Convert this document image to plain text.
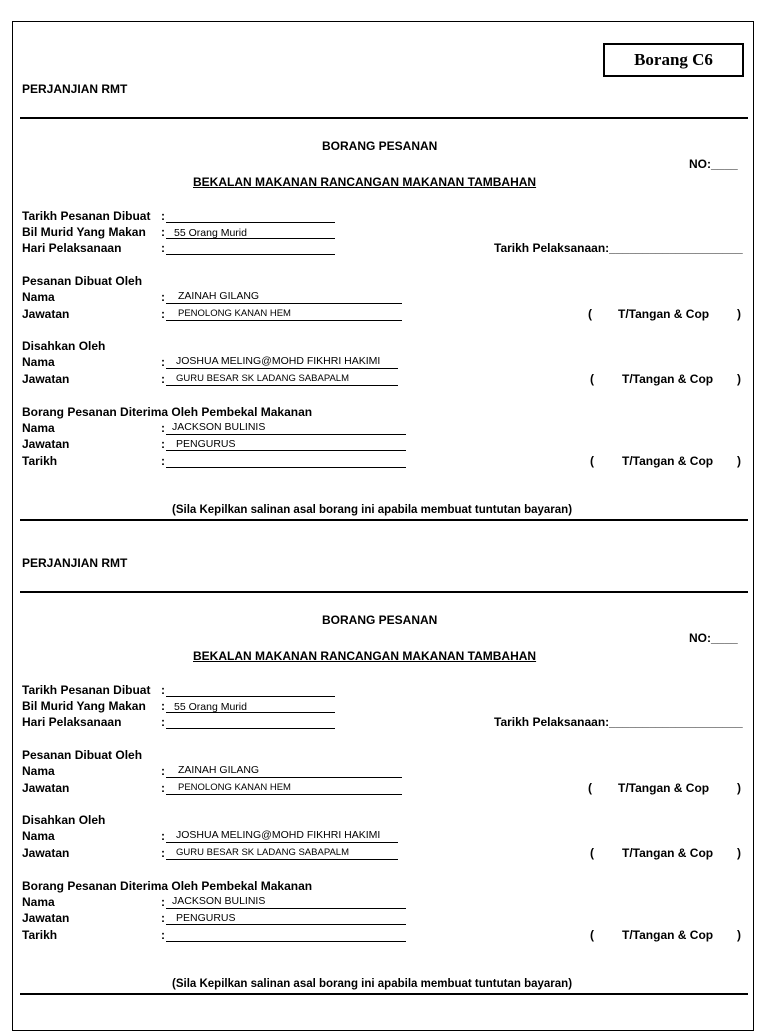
Borang C6
PERJANJIAN RMT
BORANG PESANAN
NO:____
BEKALAN MAKANAN RANCANGAN MAKANAN TAMBAHAN
Tarikh Pesanan Dibuat :
Bil Murid Yang Makan : 55 Orang Murid
Hari Pelaksanaan	:	Tarikh Pelaksanaan:____________________
Pesanan Dibuat Oleh
Nama	: ZAINAH GILANG
Jawatan	: PENOLONG KANAN HEM	( T/Tangan & Cop )
Disahkan Oleh
Nama	: JOSHUA MELING@MOHD FIKHRI HAKIMI
Jawatan	: GURU BESAR SK LADANG SABAPALM	( T/Tangan & Cop )
Borang Pesanan Diterima Oleh Pembekal Makanan
Nama	: JACKSON BULINIS
Jawatan	: PENGURUS
Tarikh	:	( T/Tangan & Cop )
(Sila Kepilkan salinan asal borang ini apabila membuat tuntutan bayaran)
PERJANJIAN RMT
BORANG PESANAN
NO:____
BEKALAN MAKANAN RANCANGAN MAKANAN TAMBAHAN
Tarikh Pesanan Dibuat :
Bil Murid Yang Makan : 55 Orang Murid
Hari Pelaksanaan	:	Tarikh Pelaksanaan:____________________
Pesanan Dibuat Oleh
Nama	: ZAINAH GILANG
Jawatan	: PENOLONG KANAN HEM	( T/Tangan & Cop )
Disahkan Oleh
Nama	: JOSHUA MELING@MOHD FIKHRI HAKIMI
Jawatan	: GURU BESAR SK LADANG SABAPALM	( T/Tangan & Cop )
Borang Pesanan Diterima Oleh Pembekal Makanan
Nama	: JACKSON BULINIS
Jawatan	: PENGURUS
Tarikh	:	( T/Tangan & Cop )
(Sila Kepilkan salinan asal borang ini apabila membuat tuntutan bayaran)
